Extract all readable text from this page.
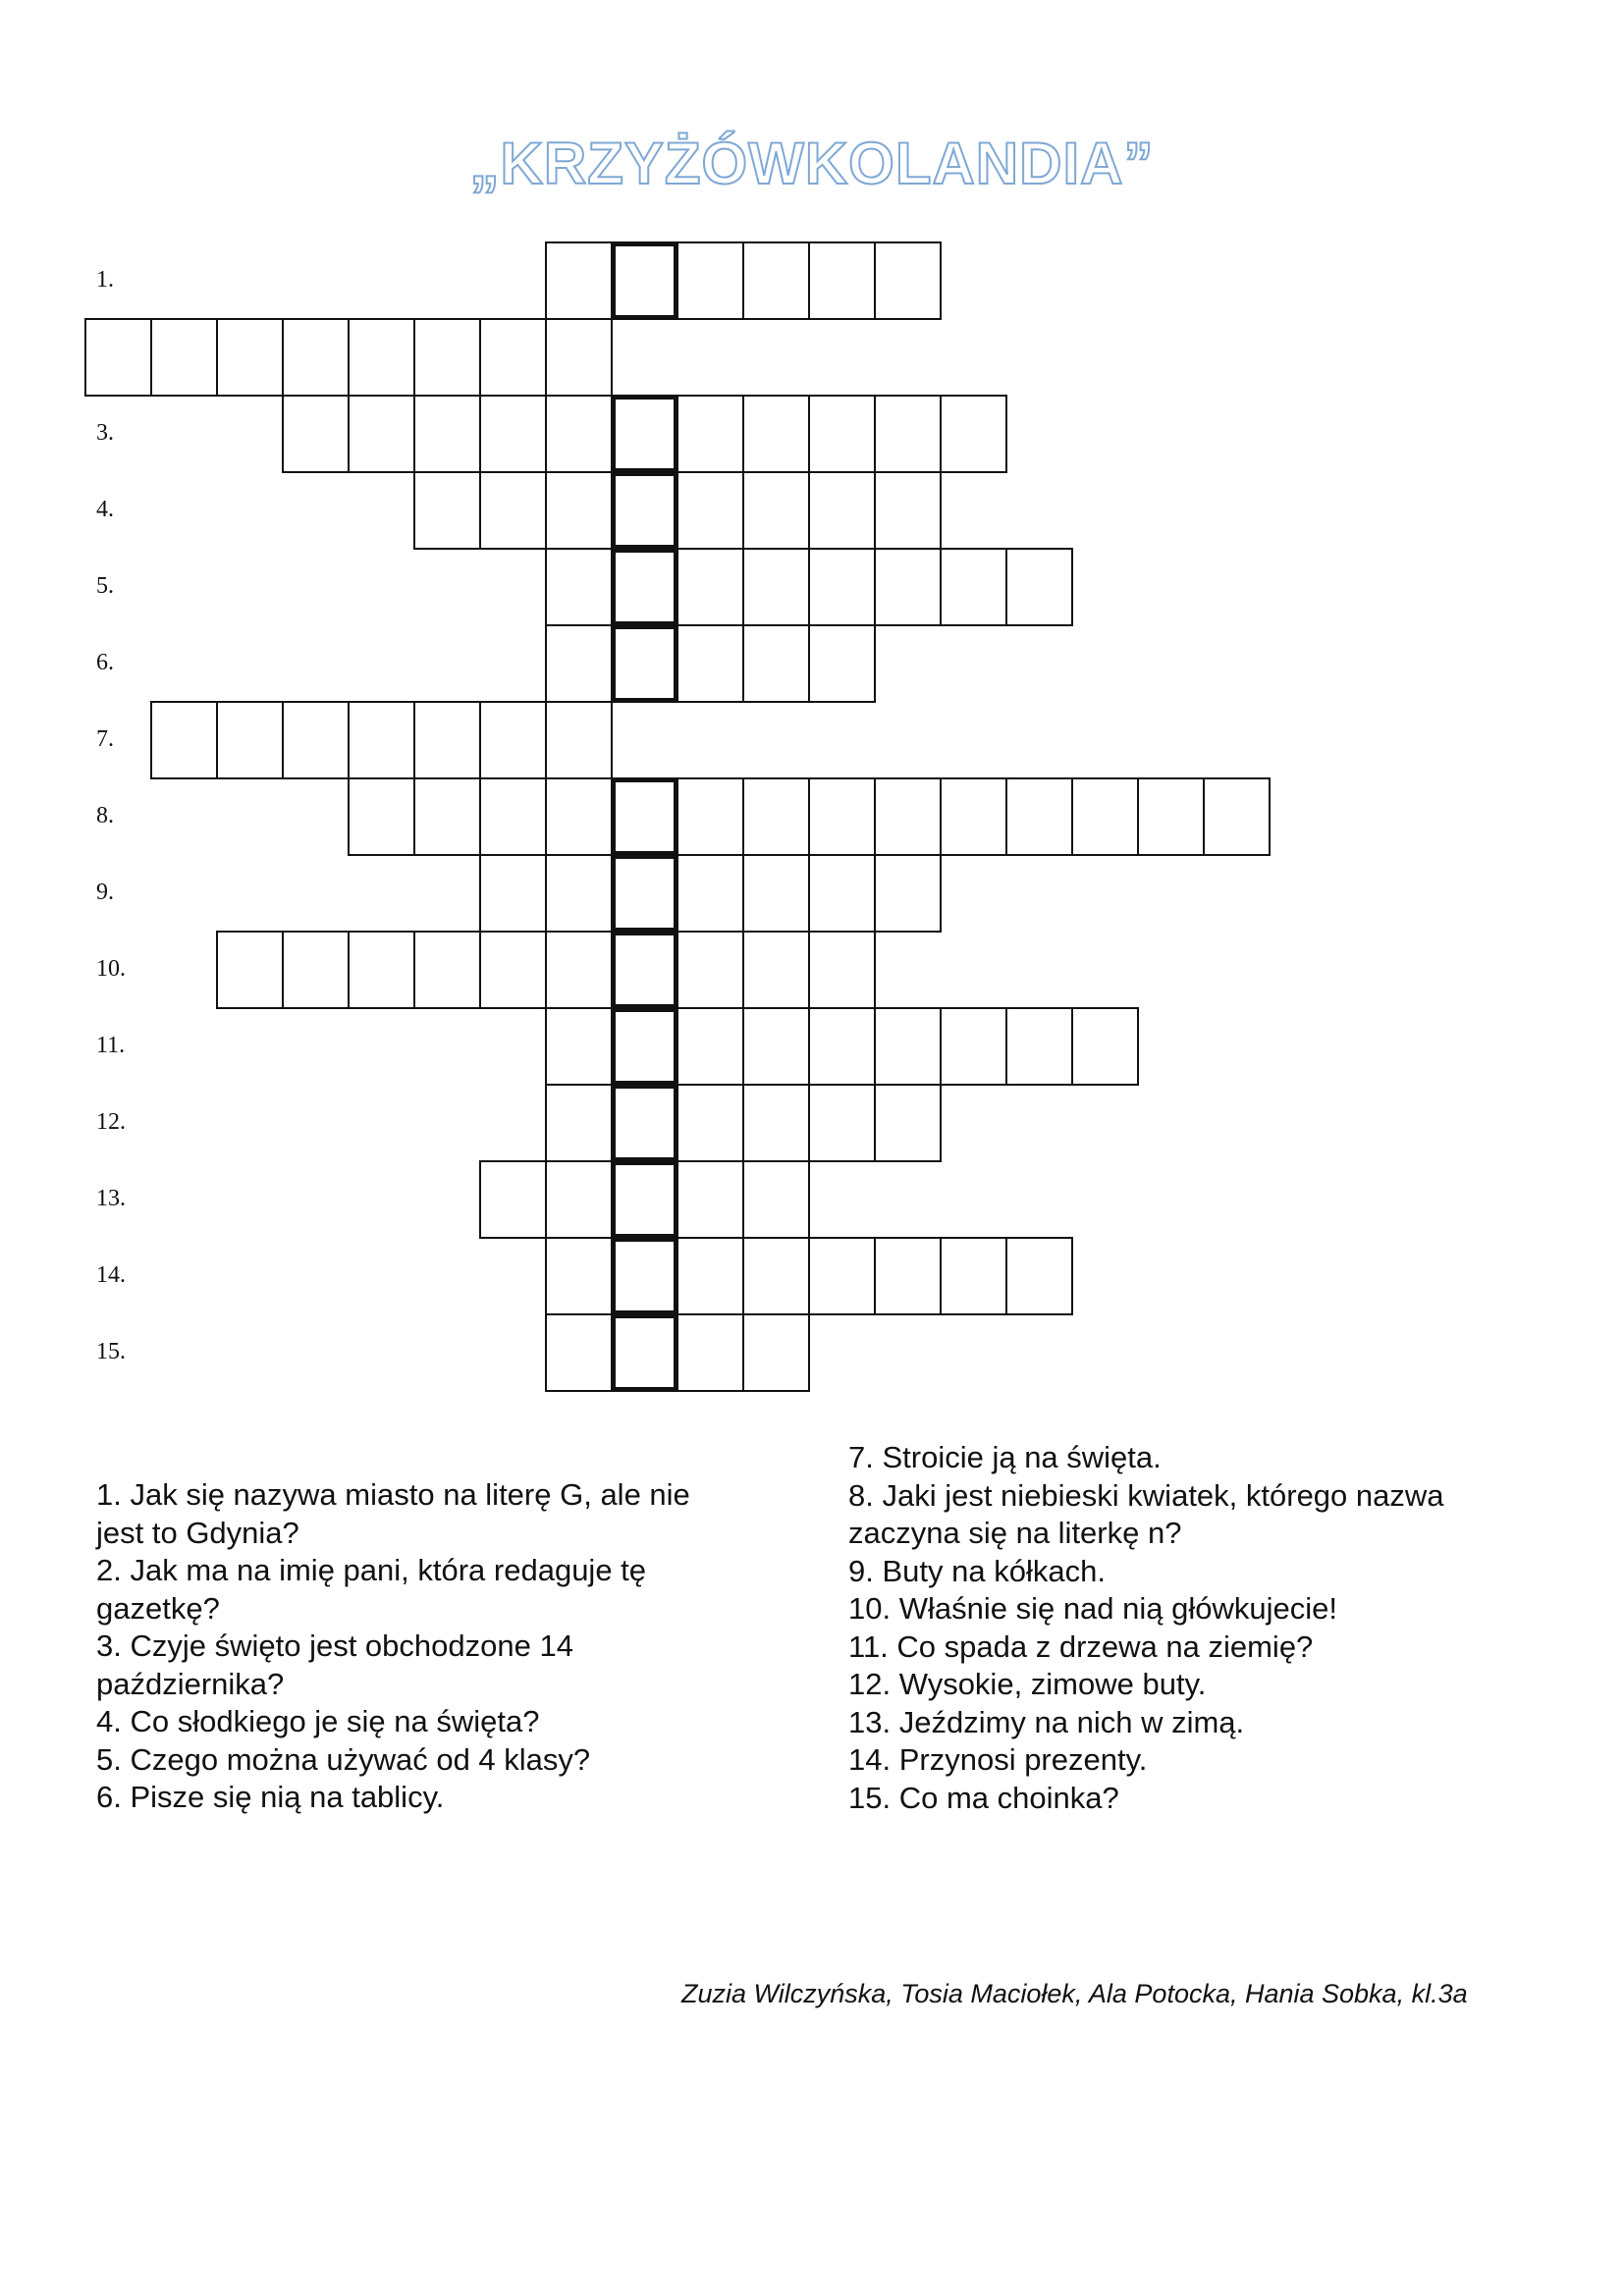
„KRZYŻÓWKOLANDIA”
1.
3.
4.
5.
6.
7.
8.
9.
10.
11.
12.
13.
14.
15.
1. Jak się nazywa miasto na literę G, ale nie
jest to Gdynia?
2. Jak ma na imię pani, która redaguje tę
gazetkę?
3. Czyje święto jest obchodzone 14
października?
4. Co słodkiego je się na święta?
5. Czego można używać od 4 klasy?
6. Pisze się nią na tablicy.
7. Stroicie ją na święta.
8. Jaki jest niebieski kwiatek, którego nazwa
zaczyna się na literkę n?
9. Buty na kółkach.
10. Właśnie się nad nią główkujecie!
11. Co spada z drzewa na ziemię?
12. Wysokie, zimowe buty.
13. Jeździmy na nich w zimą.
14. Przynosi prezenty.
15. Co ma choinka?
Zuzia Wilczyńska, Tosia Maciołek, Ala Potocka, Hania Sobka, kl.3a
